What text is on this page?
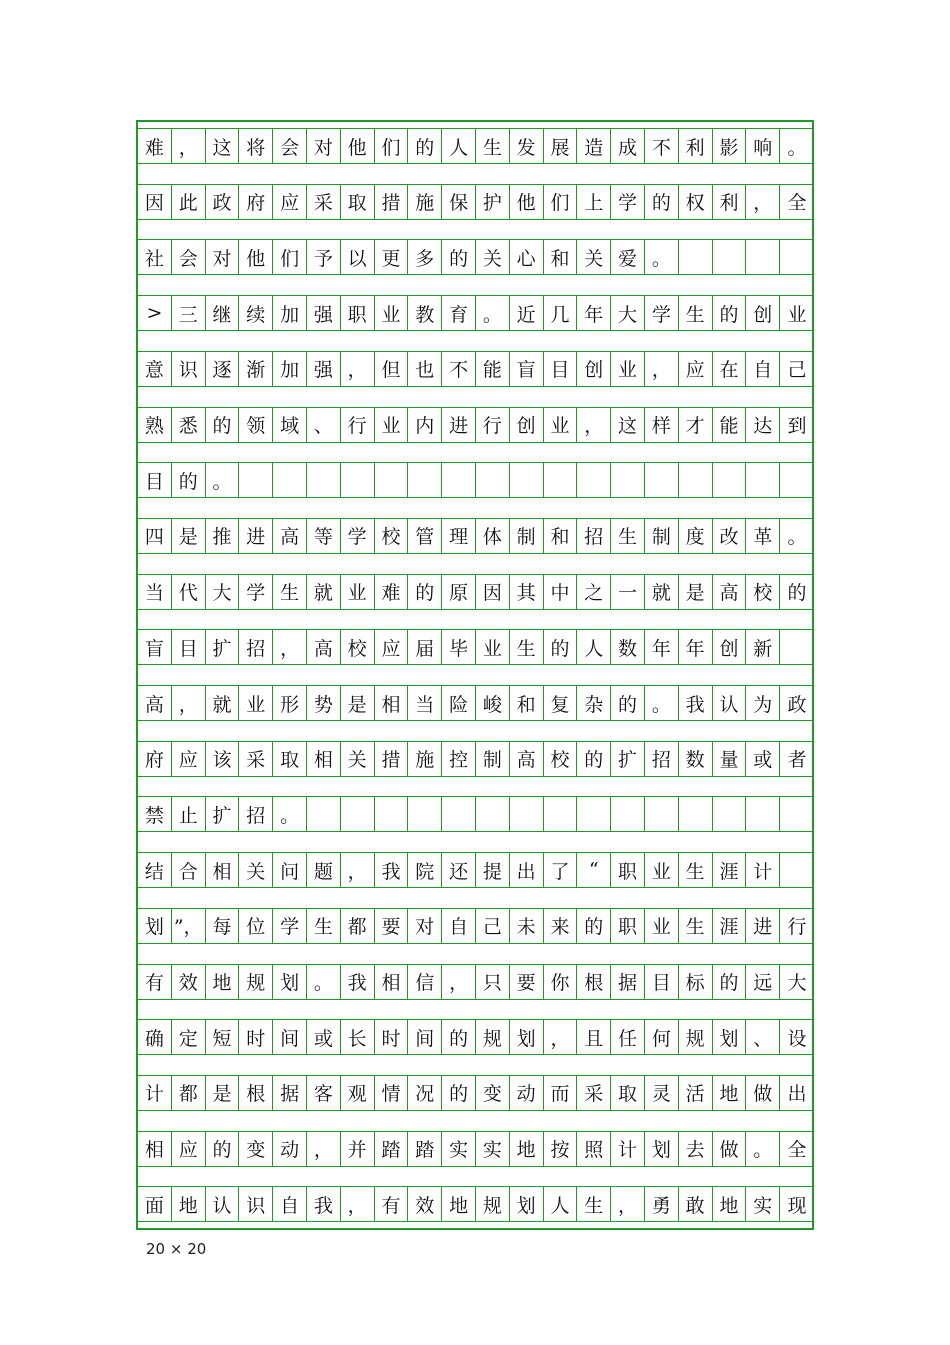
难 ， 这 将 会 对 他 们 的 人 生 发 展 造 成 不 利 影 响 。
因 此 政 府 应 采 取 措 施 保 护 他 们 上 学 的 权 利 ， 全
社 会 对 他 们 予 以 更 多 的 关 心 和 关 爱 。
> 三 继 续 加 强 职 业 教 育 。 近 几 年 大 学 生 的 创 业
意 识 逐 渐 加 强 ， 但 也 不 能 盲 目 创 业 ， 应 在 自 己
熟 悉 的 领 域 、 行 业 内 进 行 创 业 ， 这 样 才 能 达 到
目 的 。
四 是 推 进 高 等 学 校 管 理 体 制 和 招 生 制 度 改 革 。
当 代 大 学 生 就 业 难 的 原 因 其 中 之 一 就 是 高 校 的
盲 目 扩 招 ， 高 校 应 届 毕 业 生 的 人 数 年 年 创 新
高 ， 就 业 形 势 是 相 当 险 峻 和 复 杂 的 。 我 认 为 政
府 应 该 采 取 相 关 措 施 控 制 高 校 的 扩 招 数 量 或 者
禁 止 扩 招 。
结 合 相 关 问 题 ， 我 院 还 提 出 了	“	职 业 生 涯 计
划 ”， 每 位 学 生 都 要 对 自 己 未 来 的 职 业 生 涯 进 行
有 效 地 规 划 。 我 相 信 ， 只 要 你 根 据 目 标 的 远 大
确 定 短 时 间 或 长 时 间 的 规 划 ， 且 任 何 规 划 、 设
计 都 是 根 据 客 观 情 况 的 变 动 而 采 取 灵 活 地 做 出
相 应 的 变 动 ， 并 踏 踏 实 实 地 按 照 计 划 去 做 。 全
面 地 认 识 自 我 ， 有 效 地 规 划 人 生 ， 勇 敢 地 实 现
20 × 20
